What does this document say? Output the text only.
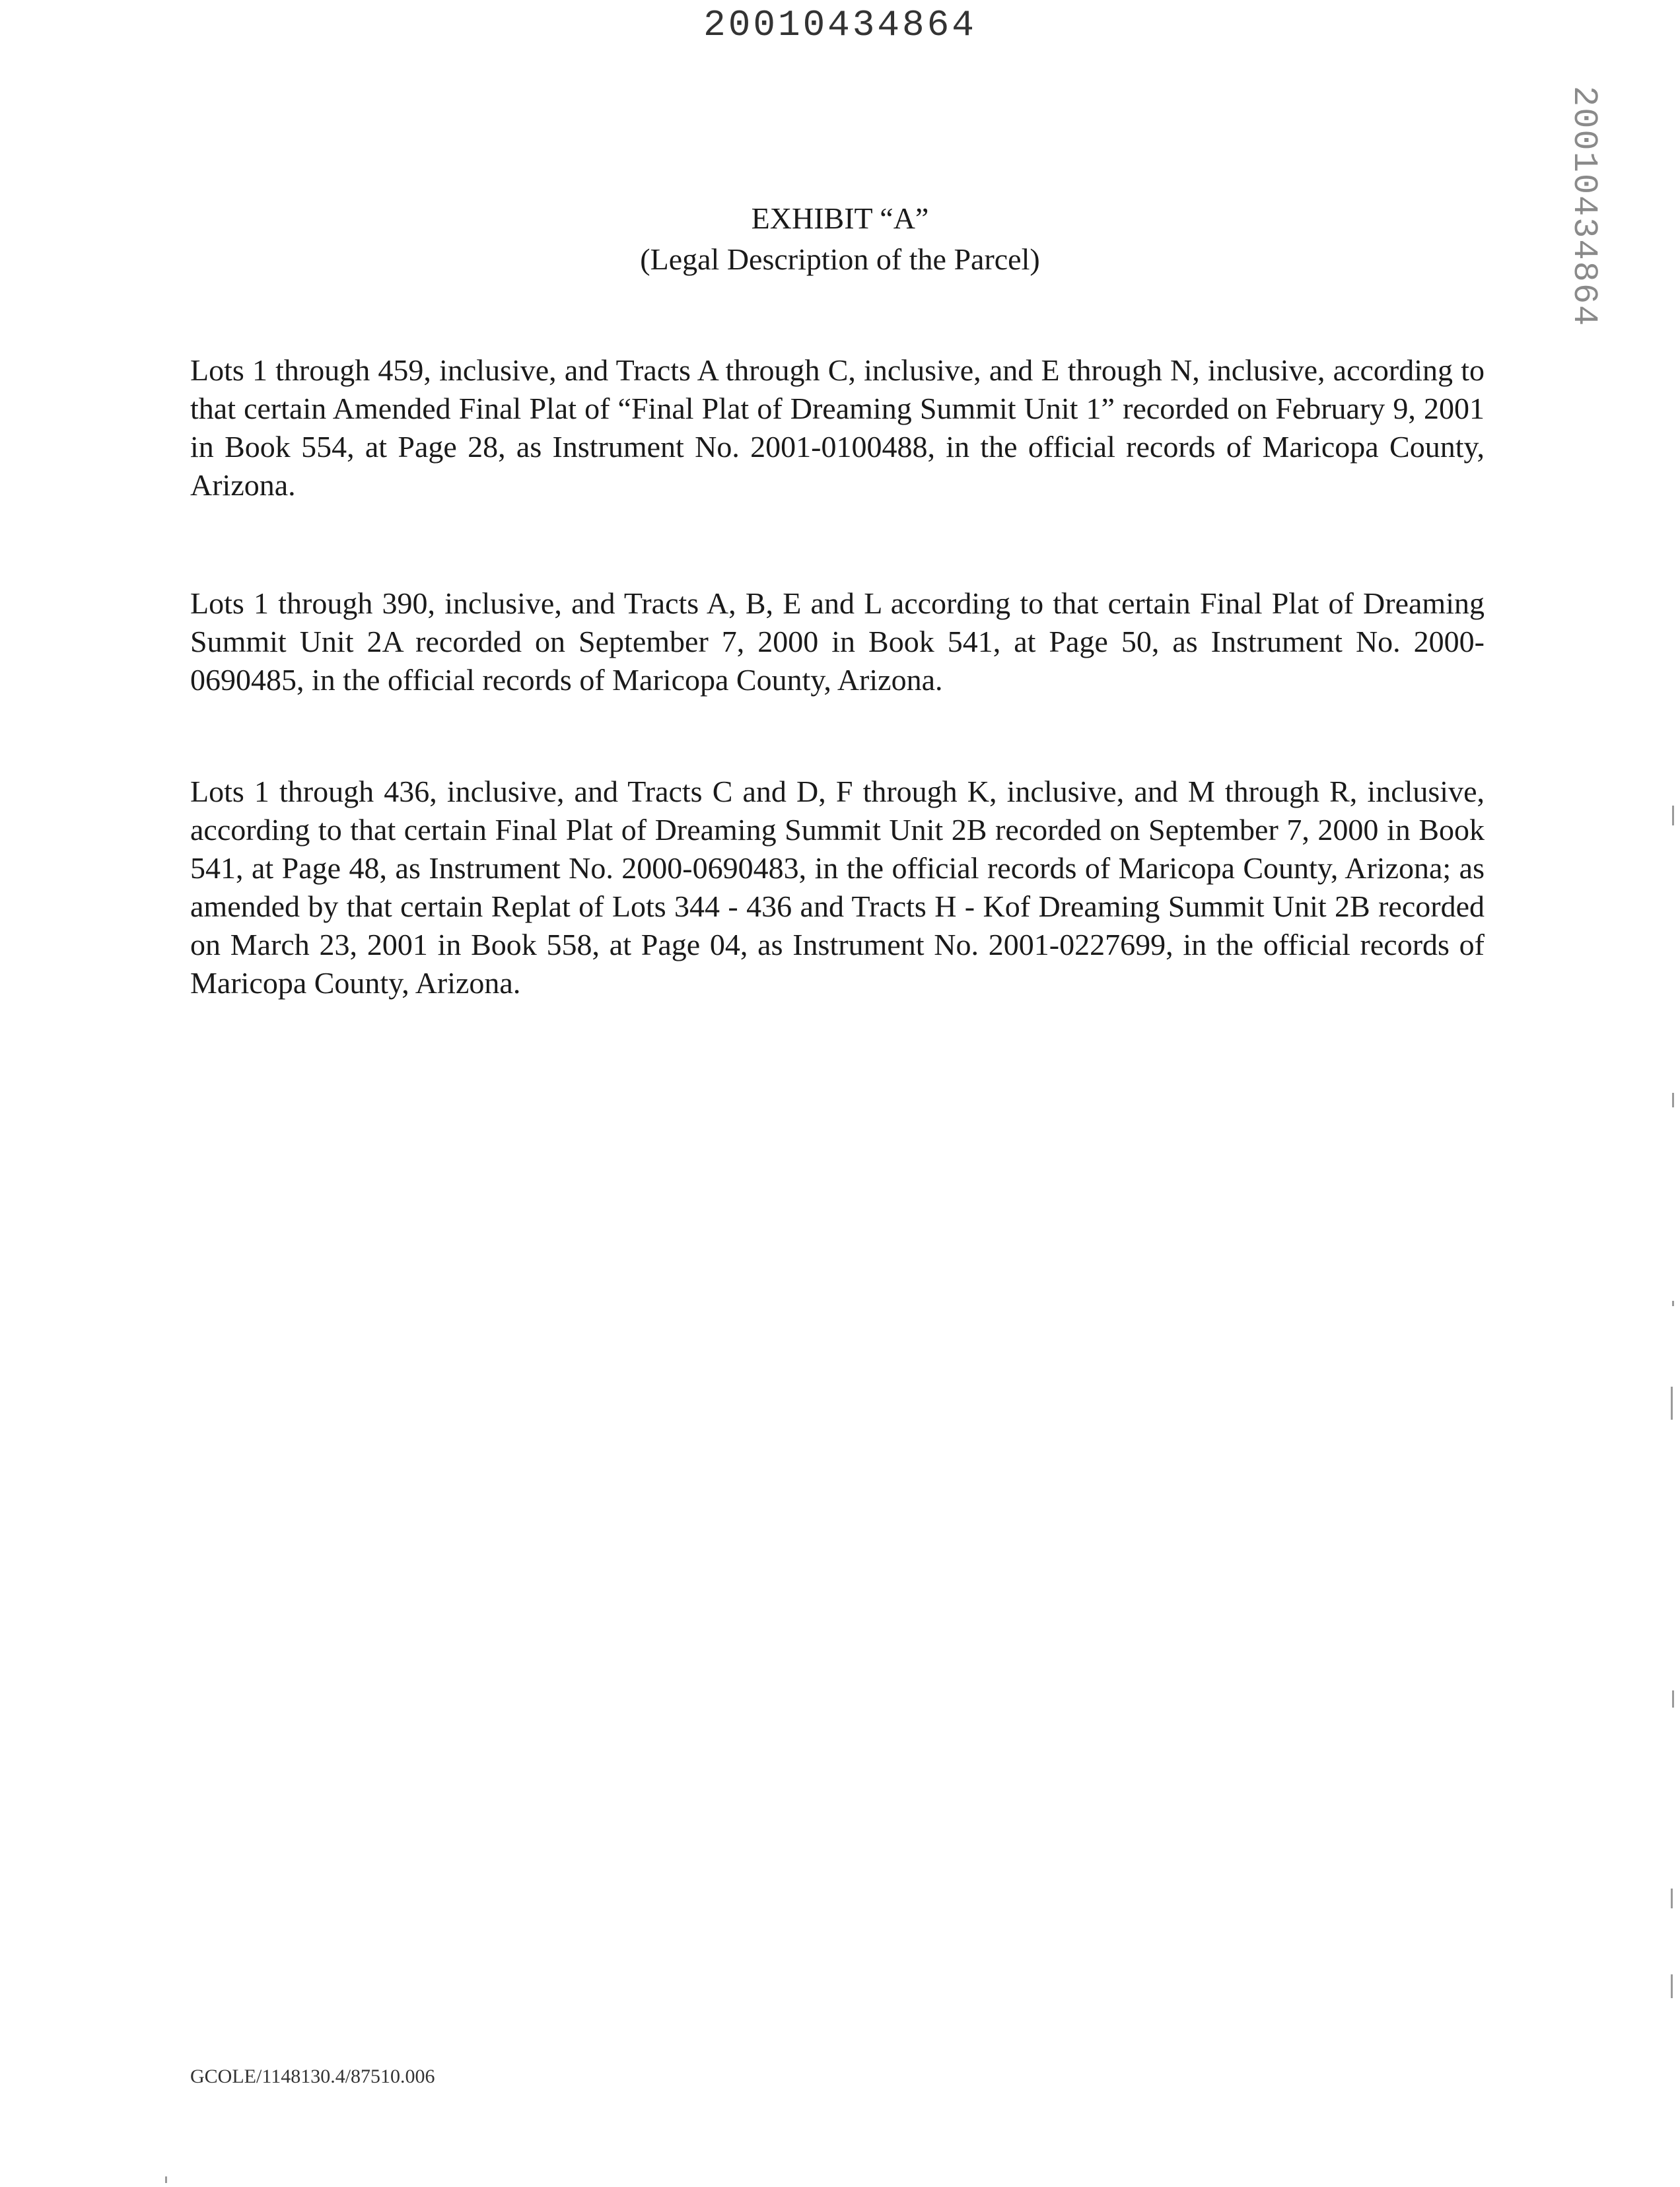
20010434864
20010434864
EXHIBIT “A”
(Legal Description of the Parcel)

Lots 1 through 459, inclusive, and Tracts A through C, inclusive, and E through N, inclusive, according to that certain Amended Final Plat of “Final Plat of Dreaming Summit Unit 1” recorded on February 9, 2001 in Book 554, at Page 28, as Instrument No. 2001-0100488, in the official records of Maricopa County, Arizona.

Lots 1 through 390, inclusive, and Tracts A, B, E and L according to that certain Final Plat of Dreaming Summit Unit 2A recorded on September 7, 2000 in Book 541, at Page 50, as Instrument No. 2000-0690485, in the official records of Maricopa County, Arizona.

Lots 1 through 436, inclusive, and Tracts C and D, F through K, inclusive, and M through R, inclusive, according to that certain Final Plat of Dreaming Summit Unit 2B recorded on September 7, 2000 in Book 541, at Page 48, as Instrument No. 2000-0690483, in the official records of Maricopa County, Arizona; as amended by that certain Replat of Lots 344 - 436 and Tracts H - Kof Dreaming Summit Unit 2B recorded on March 23, 2001 in Book 558, at Page 04, as Instrument No. 2001-0227699, in the official records of Maricopa County, Arizona.

GCOLE/1148130.4/87510.006
